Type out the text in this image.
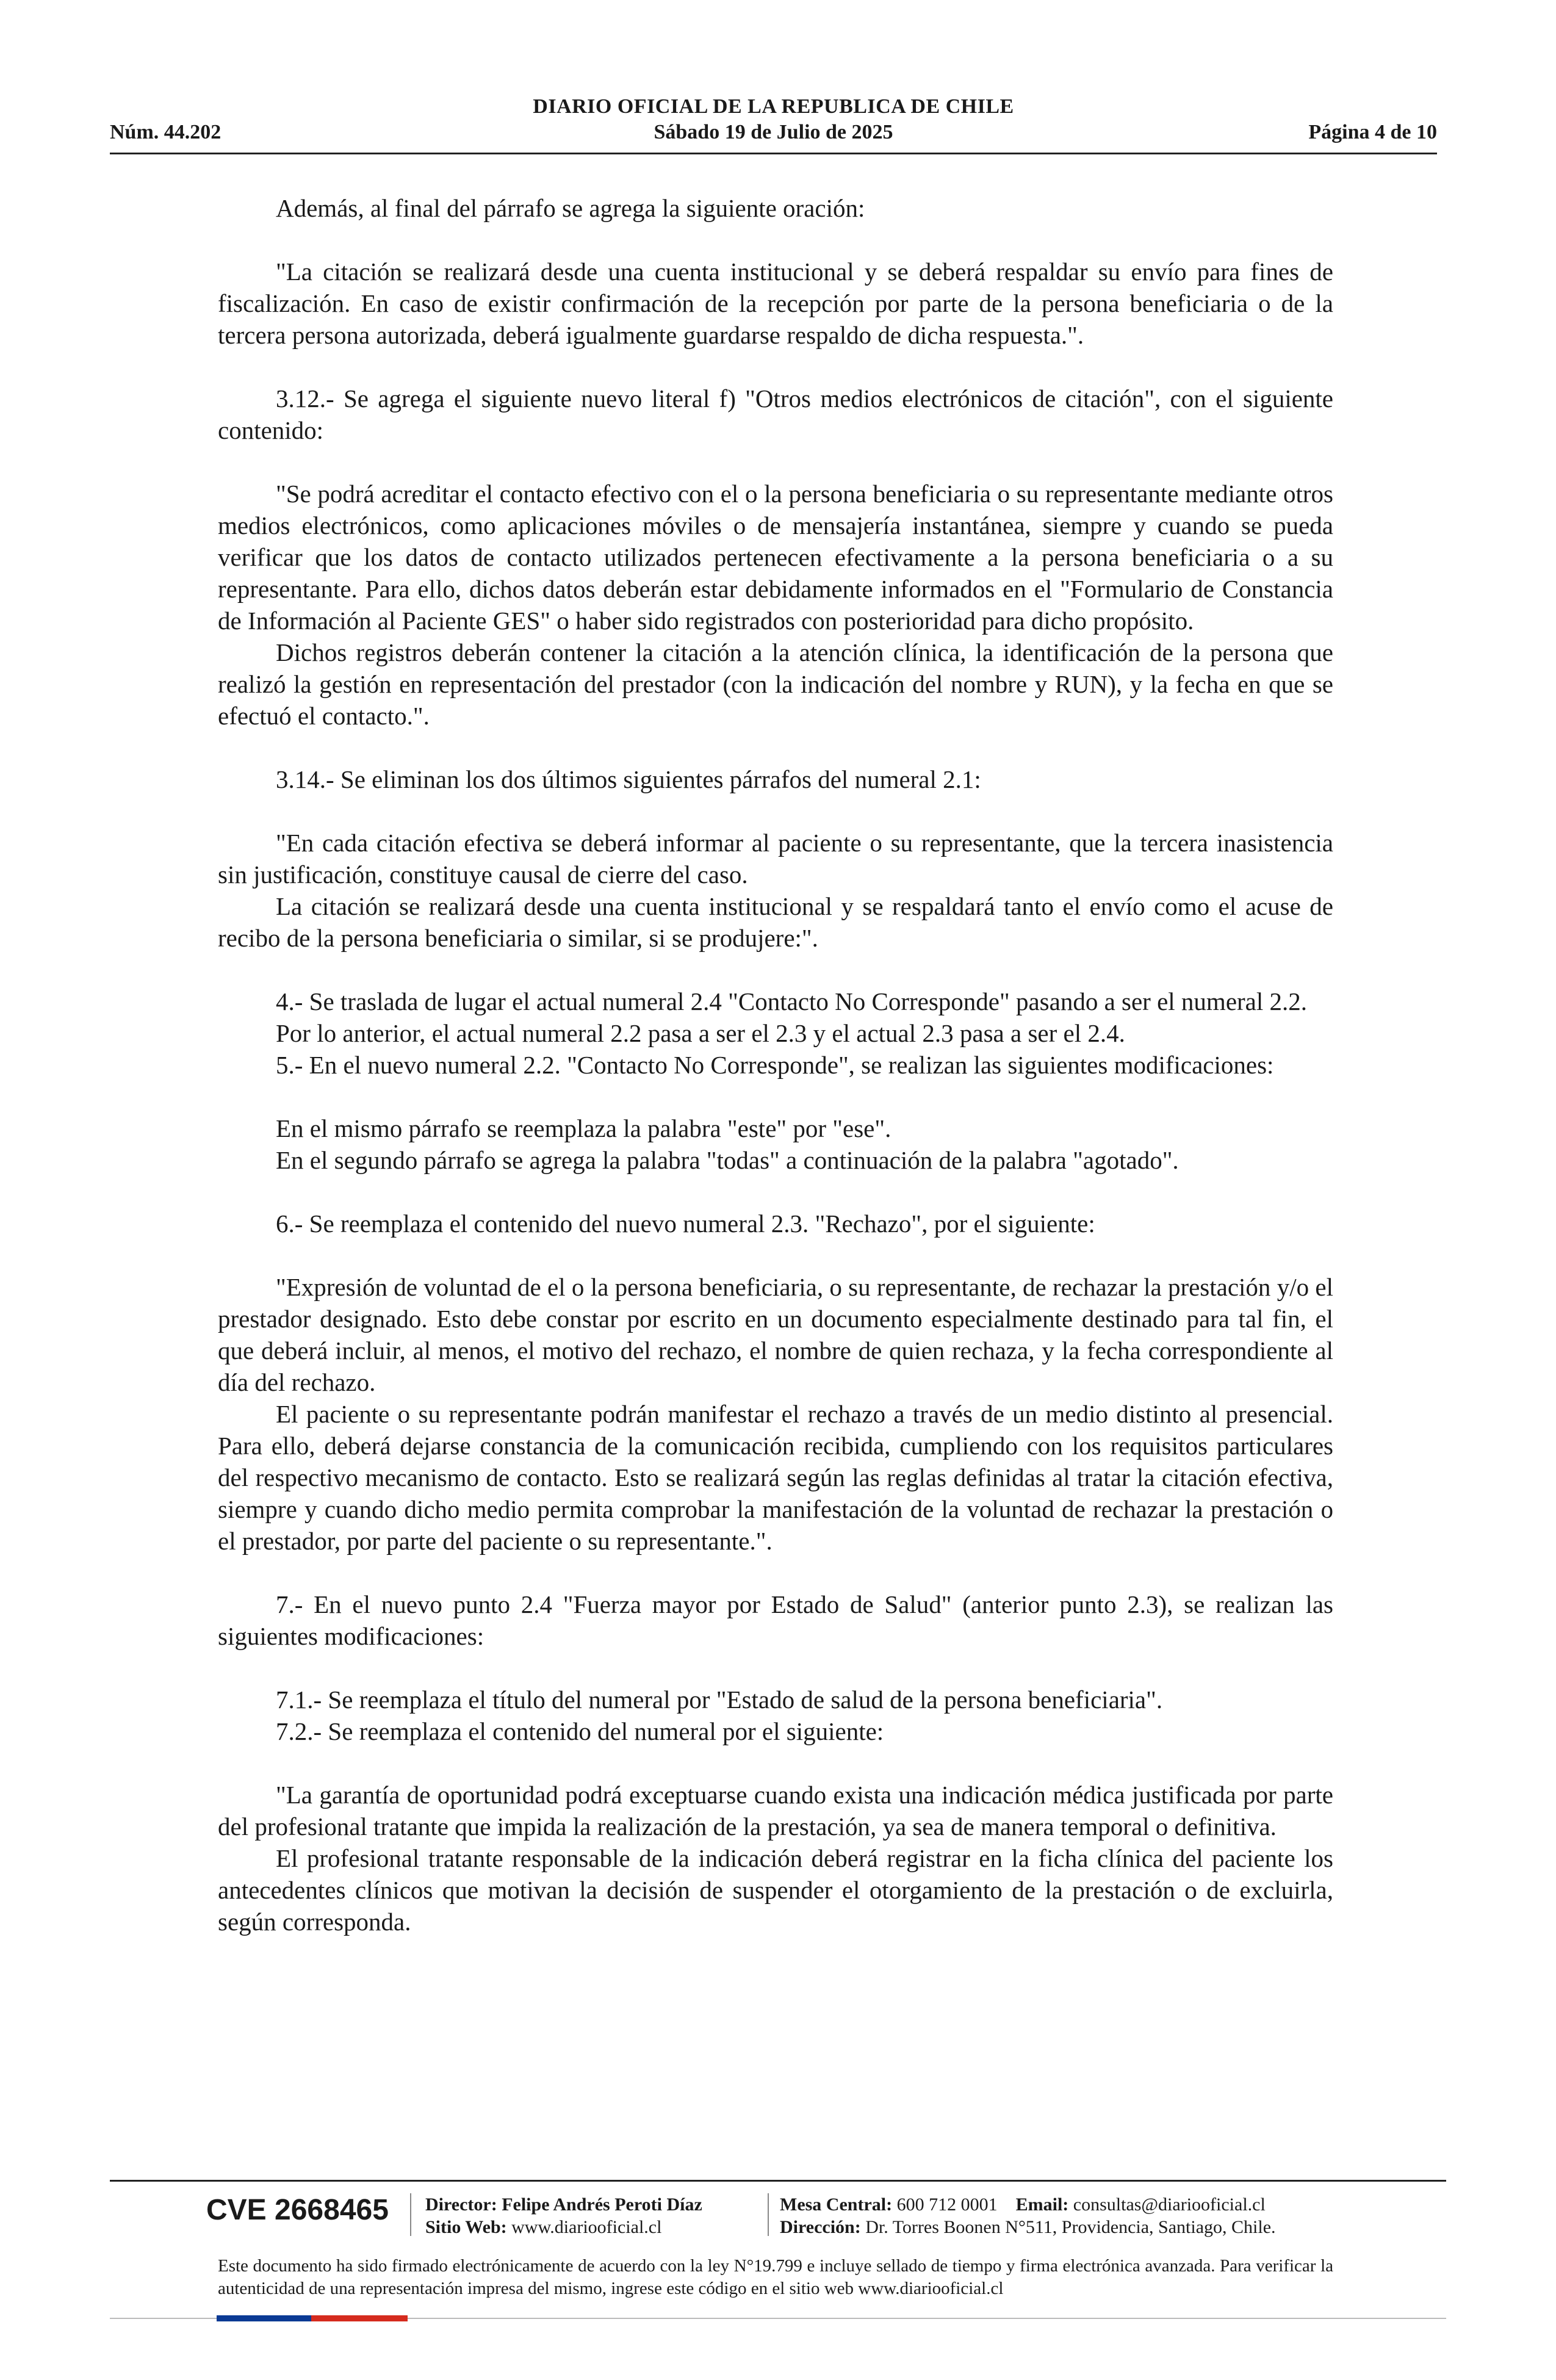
DIARIO OFICIAL DE LA REPUBLICA DE CHILE
Núm. 44.202	Sábado 19 de Julio de 2025	Página 4 de 10

Además, al final del párrafo se agrega la siguiente oración:

"La citación se realizará desde una cuenta institucional y se deberá respaldar su envío para fines de fiscalización. En caso de existir confirmación de la recepción por parte de la persona beneficiaria o de la tercera persona autorizada, deberá igualmente guardarse respaldo de dicha respuesta.".

3.12.- Se agrega el siguiente nuevo literal f) "Otros medios electrónicos de citación", con el siguiente contenido:

"Se podrá acreditar el contacto efectivo con el o la persona beneficiaria o su representante mediante otros medios electrónicos, como aplicaciones móviles o de mensajería instantánea, siempre y cuando se pueda verificar que los datos de contacto utilizados pertenecen efectivamente a la persona beneficiaria o a su representante. Para ello, dichos datos deberán estar debidamente informados en el "Formulario de Constancia de Información al Paciente GES" o haber sido registrados con posterioridad para dicho propósito.

Dichos registros deberán contener la citación a la atención clínica, la identificación de la persona que realizó la gestión en representación del prestador (con la indicación del nombre y RUN), y la fecha en que se efectuó el contacto.".

3.14.- Se eliminan los dos últimos siguientes párrafos del numeral 2.1:

"En cada citación efectiva se deberá informar al paciente o su representante, que la tercera inasistencia sin justificación, constituye causal de cierre del caso.

La citación se realizará desde una cuenta institucional y se respaldará tanto el envío como el acuse de recibo de la persona beneficiaria o similar, si se produjere:".

4.- Se traslada de lugar el actual numeral 2.4 "Contacto No Corresponde" pasando a ser el numeral 2.2.

Por lo anterior, el actual numeral 2.2 pasa a ser el 2.3 y el actual 2.3 pasa a ser el 2.4.

5.- En el nuevo numeral 2.2. "Contacto No Corresponde", se realizan las siguientes modificaciones:

En el mismo párrafo se reemplaza la palabra "este" por "ese".

En el segundo párrafo se agrega la palabra "todas" a continuación de la palabra "agotado".

6.- Se reemplaza el contenido del nuevo numeral 2.3. "Rechazo", por el siguiente:

"Expresión de voluntad de el o la persona beneficiaria, o su representante, de rechazar la prestación y/o el prestador designado. Esto debe constar por escrito en un documento especialmente destinado para tal fin, el que deberá incluir, al menos, el motivo del rechazo, el nombre de quien rechaza, y la fecha correspondiente al día del rechazo.

El paciente o su representante podrán manifestar el rechazo a través de un medio distinto al presencial. Para ello, deberá dejarse constancia de la comunicación recibida, cumpliendo con los requisitos particulares del respectivo mecanismo de contacto. Esto se realizará según las reglas definidas al tratar la citación efectiva, siempre y cuando dicho medio permita comprobar la manifestación de la voluntad de rechazar la prestación o el prestador, por parte del paciente o su representante.".

7.- En el nuevo punto 2.4 "Fuerza mayor por Estado de Salud" (anterior punto 2.3), se realizan las siguientes modificaciones:

7.1.- Se reemplaza el título del numeral por "Estado de salud de la persona beneficiaria".

7.2.- Se reemplaza el contenido del numeral por el siguiente:

"La garantía de oportunidad podrá exceptuarse cuando exista una indicación médica justificada por parte del profesional tratante que impida la realización de la prestación, ya sea de manera temporal o definitiva.

El profesional tratante responsable de la indicación deberá registrar en la ficha clínica del paciente los antecedentes clínicos que motivan la decisión de suspender el otorgamiento de la prestación o de excluirla, según corresponda.

CVE 2668465 Director: Felipe Andrés Peroti Díaz
Sitio Web: www.diariooficial.cl
Mesa Central: 600 712 0001 Email: consultas@diariooficial.cl
Dirección: Dr. Torres Boonen N°511, Providencia, Santiago, Chile.
Este documento ha sido firmado electrónicamente de acuerdo con la ley N°19.799 e incluye sellado de tiempo y firma electrónica avanzada. Para verificar la autenticidad de una representación impresa del mismo, ingrese este código en el sitio web www.diariooficial.cl
